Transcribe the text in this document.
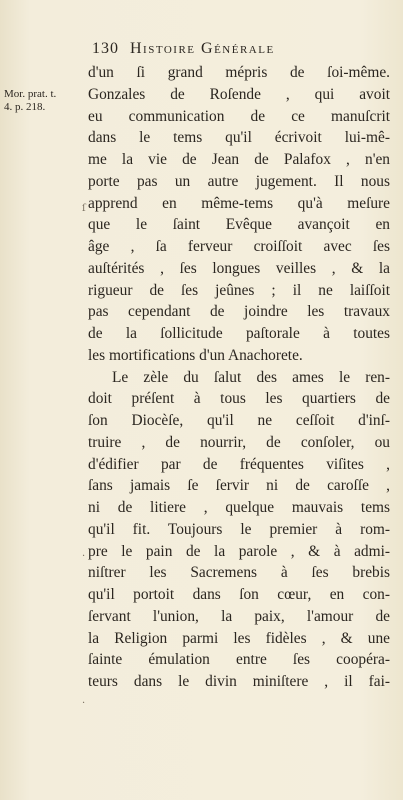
130 Histoire Générale
Mor. prat. t.
4. p. 218.
d'un ſi grand mépris de ſoi-même.
Gonzales de Roſende , qui avoit
eu communication de ce manuſcrit
dans le tems qu'il écrivoit lui-mê-
me la vie de Jean de Palafox , n'en
porte pas un autre jugement. Il nous
apprend en même-tems qu'à meſure
que le ſaint Evêque avançoit en
âge , ſa ferveur croiſſoit avec ſes
auſtérités , ſes longues veilles , & la
rigueur de ſes jeûnes ; il ne laiſſoit
pas cependant de joindre les travaux
de la ſollicitude paſtorale à toutes
les mortifications d'un Anachorete.
Le zèle du ſalut des ames le ren-
doit préſent à tous les quartiers de
ſon Diocèſe, qu'il ne ceſſoit d'inſ-
truire , de nourrir, de conſoler, ou
d'édifier par de fréquentes viſites ,
ſans jamais ſe ſervir ni de caroſſe ,
ni de litiere , quelque mauvais tems
qu'il fit. Toujours le premier à rom-
pre le pain de la parole , & à admi-
niſtrer les Sacremens à ſes brebis
qu'il portoit dans ſon cœur, en con-
ſervant l'union, la paix, l'amour de
la Religion parmi les fidèles , & une
ſainte émulation entre ſes coopéra-
teurs dans le divin miniſtere , il fai-
ſ
·
·
